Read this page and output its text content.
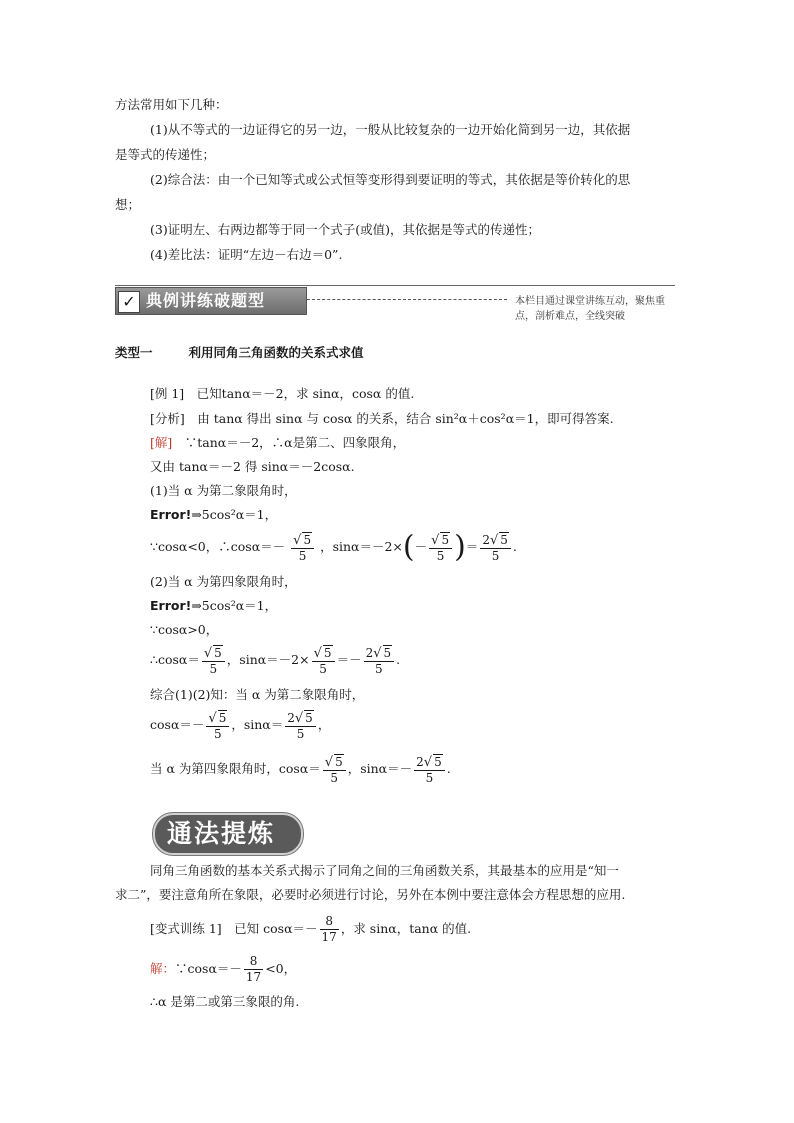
方法常用如下几种：
(1)从不等式的一边证得它的另一边，一般从比较复杂的一边开始化简到另一边，其依据
是等式的传递性；
(2)综合法：由一个已知等式或公式恒等变形得到要证明的等式，其依据是等价转化的思
想；
(3)证明左、右两边都等于同一个式子(或值)，其依据是等式的传递性；
(4)差比法：证明“左边－右边＝0”.
✓ 典例讲练破题型	本栏目通过课堂讲练互动，聚焦重点，剖析难点，全线突破
类型一	利用同角三角函数的关系式求值
[例 1]　已知tanα＝－2，求 sinα，cosα 的值.
[分析]　由 tanα 得出 sinα 与 cosα 的关系，结合 sin²α＋cos²α＝1，即可得答案.
[解]　∵tanα＝－2，∴α是第二、四象限角，
又由 tanα＝－2 得 sinα＝－2cosα.
(1)当 α 为第二象限角时，
Error!⇒5cos²α＝1，
∵cosα<0，∴cosα＝－ $\frac{√ 5}{5}$ ，$\sin\alpha=-2\times(- \frac{√ 5}{5}$ )＝ $\frac{2√ 5}{5}$ .
(2)当 α 为第四象限角时，
Error!⇒5cos²α＝1，
∵cosα>0，
∴cosα＝ $\frac{√ 5}{5}$ ，$\sin\alpha=-2\times \frac{√ 5}{5} =- \frac{2√ 5}{5}$ .
综合(1)(2)知：当 α 为第二象限角时，
$\cos\alpha=- \frac{√ 5}{5}$ ，$\sin\alpha= \frac{2√ 5}{5}$ ，
当 α 为第四象限角时，$\cos\alpha= \frac{√ 5}{5}$ ，$\sin\alpha=- \frac{2√ 5}{5}$ .
通法提炼
同角三角函数的基本关系式揭示了同角之间的三角函数关系，其最基本的应用是“知一
求二”，要注意角所在象限，必要时必须进行讨论，另外在本例中要注意体会方程思想的应用.
[变式训练 1]　已知 $\cos\alpha=- \frac{8}{17}$ ，求 sinα，tanα 的值.
解：∵cosα＝－ $\frac{8}{17} <0$，
∴α 是第二或第三象限的角.
